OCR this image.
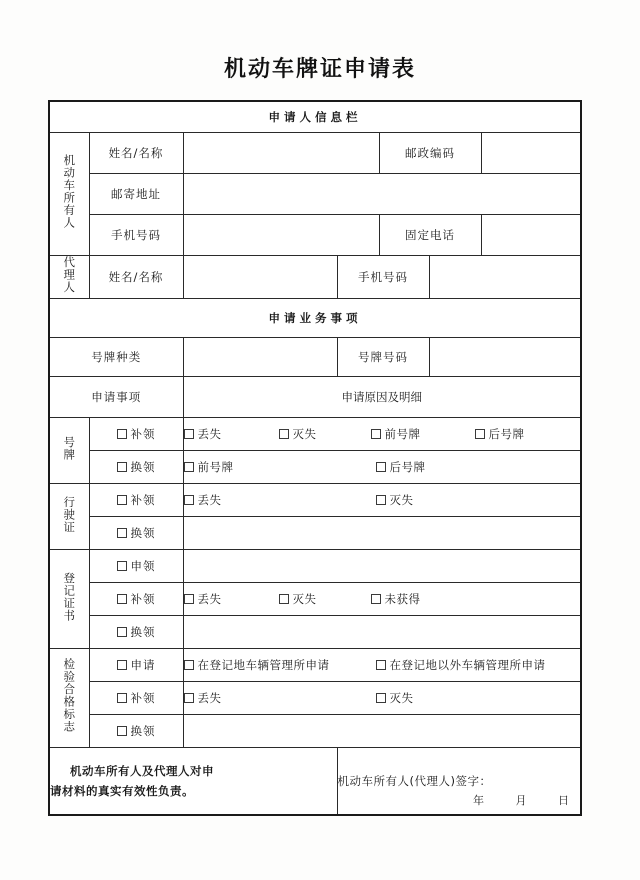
机动车牌证申请表
申请人信息栏						
机动车所有人	姓名/名称			邮政编码		
	邮寄地址					
	手机号码			固定电话		
代理人	姓名/名称		手机号码			
申请业务事项						
号牌种类			号牌号码			
申请事项		申请原因及明细				
号牌	补领	丢失 灭失 前号牌 后号牌				
	换领	前号牌 后号牌				
行驶证	补领	丢失 灭失				
	换领					
登记证书	申领					
	补领	丢失 灭失 未获得				
	换领					
检验合格标志	申请	在登记地车辆管理所申请 在登记地以外车辆管理所申请				
	补领	丢失 灭失				
	换领					

机动车所有人及代理人对申

请材料的真实有效性负责。

机动车所有人(代理人)签字：
年	月	日
